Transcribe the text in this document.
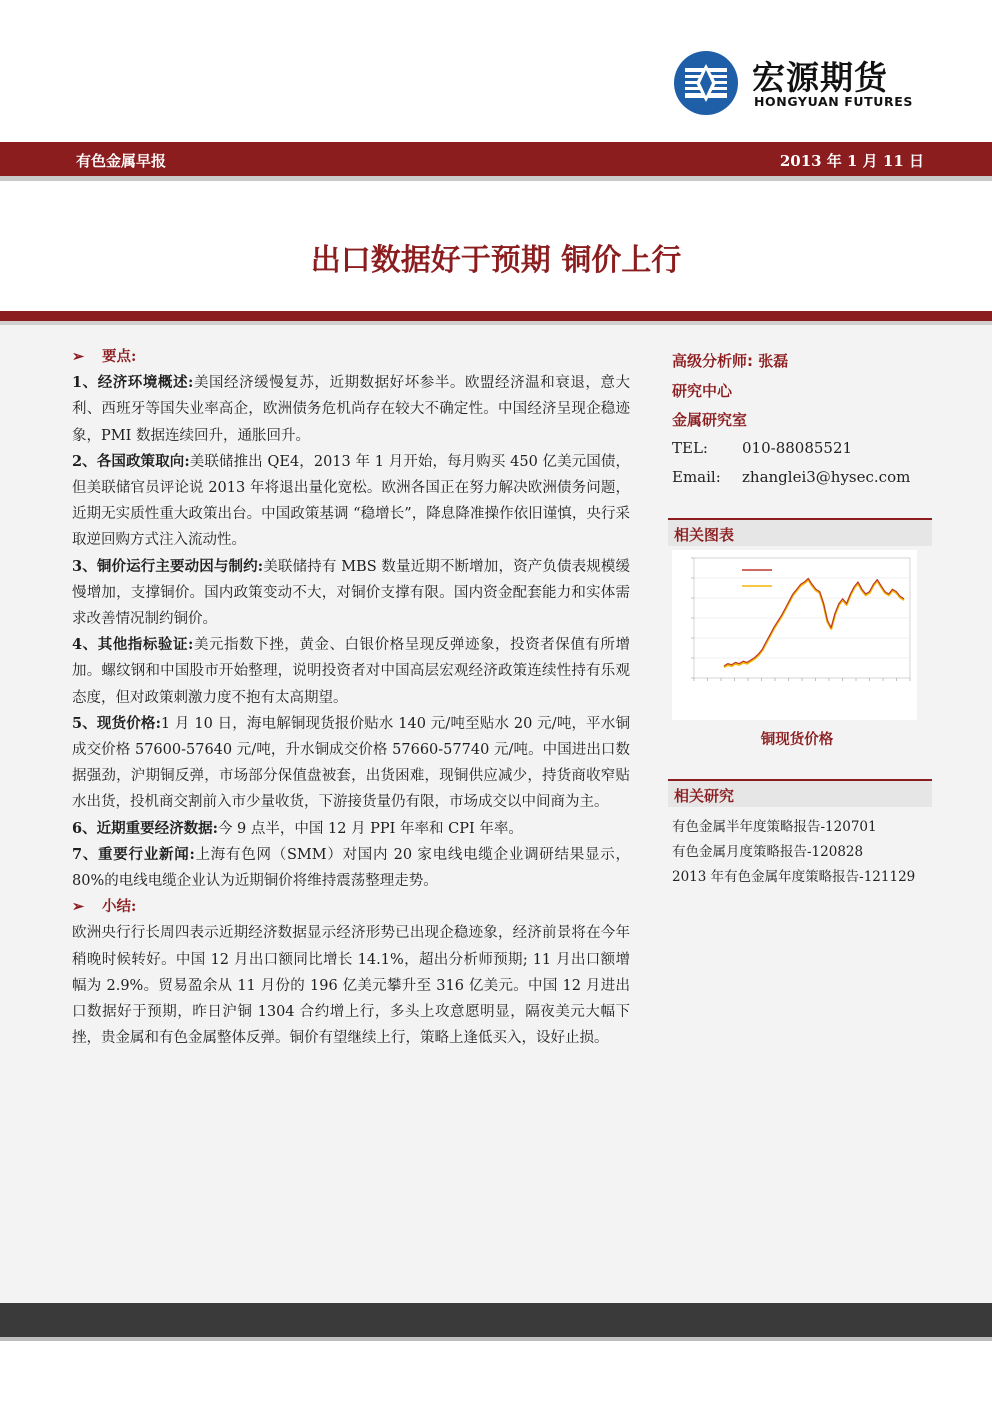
宏源期货
HONGYUAN FUTURES
有色金属早报	2013 年 1 月 11 日
出口数据好于预期 铜价上行

➢ 要点:

1、经济环境概述:美国经济缓慢复苏，近期数据好坏参半。欧盟经济温和衰退，意大利、西班牙等国失业率高企，欧洲债务危机尚存在较大不确定性。中国经济呈现企稳迹象，PMI 数据连续回升，通胀回升。

2、各国政策取向:美联储推出 QE4，2013 年 1 月开始，每月购买 450 亿美元国债，但美联储官员评论说 2013 年将退出量化宽松。欧洲各国正在努力解决欧洲债务问题，近期无实质性重大政策出台。中国政策基调 “稳增长”，降息降准操作依旧谨慎，央行采取逆回购方式注入流动性。

3、铜价运行主要动因与制约:美联储持有 MBS 数量近期不断增加，资产负债表规模缓慢增加，支撑铜价。国内政策变动不大，对铜价支撑有限。国内资金配套能力和实体需求改善情况制约铜价。

4、其他指标验证:美元指数下挫，黄金、白银价格呈现反弹迹象，投资者保值有所增加。螺纹钢和中国股市开始整理，说明投资者对中国高层宏观经济政策连续性持有乐观态度，但对政策刺激力度不抱有太高期望。

5、现货价格:1 月 10 日，海电解铜现货报价贴水 140 元/吨至贴水 20 元/吨，平水铜成交价格 57600-57640 元/吨，升水铜成交价格 57660-57740 元/吨。中国进出口数据强劲，沪期铜反弹，市场部分保值盘被套，出货困难，现铜供应减少，持货商收窄贴水出货，投机商交割前入市少量收货，下游接货量仍有限，市场成交以中间商为主。

6、近期重要经济数据:今 9 点半，中国 12 月 PPI 年率和 CPI 年率。

7、重要行业新闻:上海有色网（SMM）对国内 20 家电线电缆企业调研结果显示，80%的电线电缆企业认为近期铜价将维持震荡整理走势。

➢ 小结:

欧洲央行行长周四表示近期经济数据显示经济形势已出现企稳迹象，经济前景将在今年稍晚时候转好。中国 12 月出口额同比增长 14.1%，超出分析师预期; 11 月出口额增幅为 2.9%。贸易盈余从 11 月份的 196 亿美元攀升至 316 亿美元。中国 12 月进出口数据好于预期，昨日沪铜 1304 合约增上行，多头上攻意愿明显，隔夜美元大幅下挫，贵金属和有色金属整体反弹。铜价有望继续上行，策略上逢低买入，设好止损。

高级分析师: 张磊
研究中心
金属研究室
TEL: 010-88085521
Email: zhanglei3@hysec.com
相关图表
铜现货价格
相关研究
有色金属半年度策略报告-120701
有色金属月度策略报告-120828
2013 年有色金属年度策略报告-121129
